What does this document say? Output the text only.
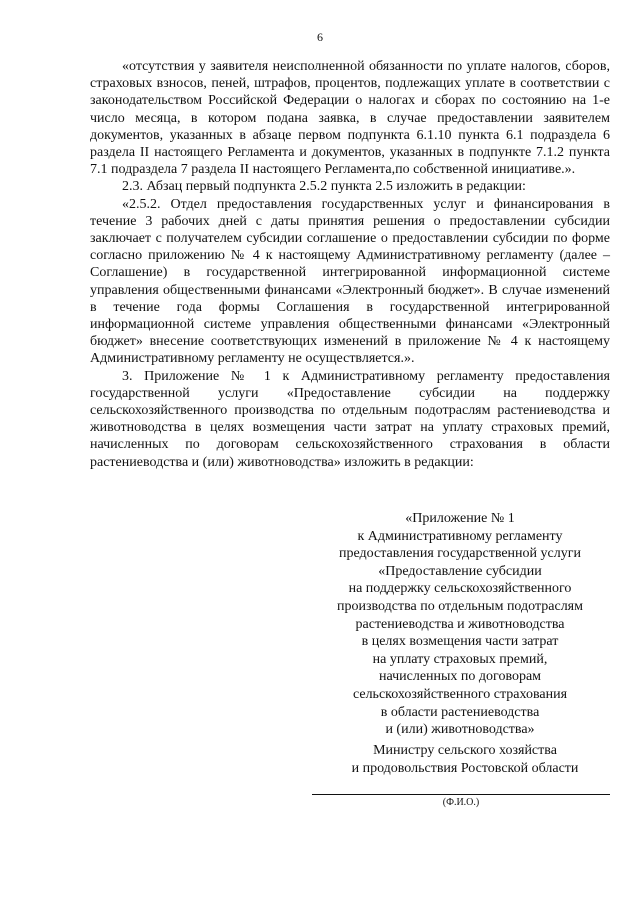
6

«отсутствия у заявителя неисполненной обязанности по уплате налогов, сборов, страховых взносов, пеней, штрафов, процентов, подлежащих уплате в соответствии с законодательством Российской Федерации о налогах и сборах по состоянию на 1-е число месяца, в котором подана заявка, в случае предоставлении заявителем документов, указанных в абзаце первом подпункта 6.1.10 пункта 6.1 подраздела 6 раздела II настоящего Регламента и документов, указанных в подпункте 7.1.2 пункта 7.1 подраздела 7 раздела II настоящего Регламента,по собственной инициативе.».

2.3. Абзац первый подпункта 2.5.2 пункта 2.5 изложить в редакции:

«2.5.2. Отдел предоставления государственных услуг и финансирования в течение 3 рабочих дней с даты принятия решения о предоставлении субсидии заключает с получателем субсидии соглашение о предоставлении субсидии по форме согласно приложению № 4 к настоящему Административному регламенту (далее – Соглашение) в государственной интегрированной информационной системе управления общественными финансами «Электронный бюджет». В случае изменений в течение года формы Соглашения в государственной интегрированной информационной системе управления общественными финансами «Электронный бюджет» внесение соответствующих изменений в приложение № 4 к настоящему Административному регламенту не осуществляется.».

3. Приложение № 1 к Административному регламенту предоставления государственной услуги «Предоставление субсидии на поддержку сельскохозяйственного производства по отдельным подотраслям растениеводства и животноводства в целях возмещения части затрат на уплату страховых премий, начисленных по договорам сельскохозяйственного страхования в области растениеводства и (или) животноводства» изложить в редакции:

«Приложение № 1
к Административному регламенту
предоставления государственной услуги
«Предоставление субсидии
на поддержку сельскохозяйственного
производства по отдельным подотраслям
растениеводства и животноводства
в целях возмещения части затрат
на уплату страховых премий,
начисленных по договорам
сельскохозяйственного страхования
в области растениеводства
и (или) животноводства»
Министру сельского хозяйства
и продовольствия Ростовской области
(Ф.И.О.)
